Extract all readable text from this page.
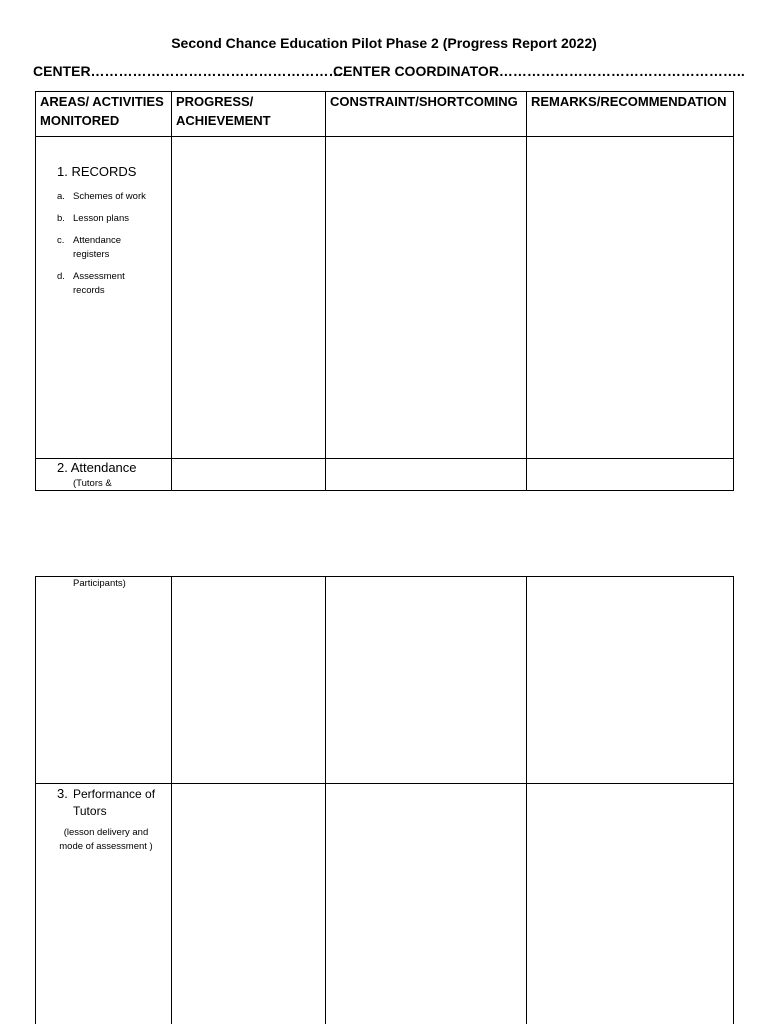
Second Chance Education Pilot Phase 2 (Progress Report 2022)
CENTER……………………………………………….
CENTER COORDINATOR……………………………………………..
AREAS/ ACTIVITIES MONITORED
PROGRESS/ ACHIEVEMENT
CONSTRAINT/SHORTCOMING	REMARKS/RECOMMENDATION
1. RECORDS
a. Schemes of work
b. Lesson plans
c. Attendance registers
d. Assessment records
2. Attendance
(Tutors &
Participants)
3. Performance of Tutors
(lesson delivery and mode of assessment )
